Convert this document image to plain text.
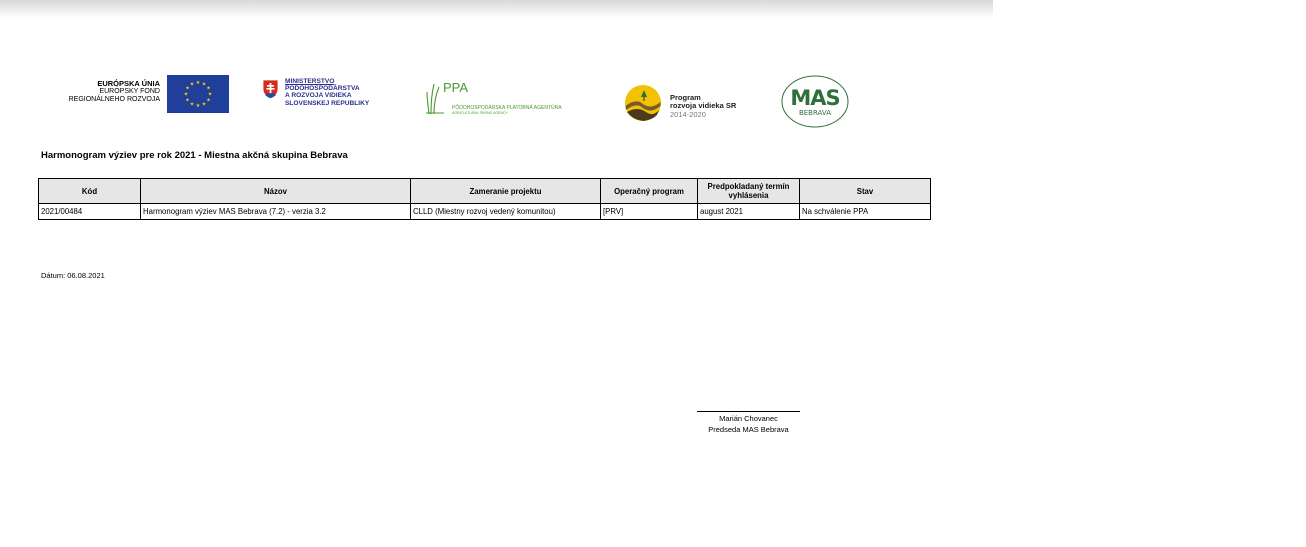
EURÓPSKA ÚNIA
EURÓPSKY FOND
REGIONÁLNEHO ROZVOJA
★ ★
★
★
★
★
★
★
★
★
★
★	MINISTERSTVO
PÔDOHOSPODÁRSTVA
A ROZVOJA VIDIEKA
SLOVENSKEJ REPUBLIKY
PPA
PÔDOHOSPODÁRSKA PLATOBNÁ AGENTÚRA
AGRICULTURAL PAYING AGENCY
Program
rozvoja vidieka SR
2014-2020
MAS
BEBRAVA
Harmonogram výziev pre rok 2021 - Miestna akčná skupina Bebrava
Kód	Názov	Zameranie projektu	Operačný program	Predpokladaný termín vyhlásenia	Stav
2021/00484	Harmonogram výziev MAS Bebrava (7.2) - verzia 3.2	CLLD (Miestny rozvoj vedený komunitou)	[PRV]	august 2021	Na schválenie PPA
Dátum: 06.08.2021
Marián Chovanec
Predseda MAS Bebrava
